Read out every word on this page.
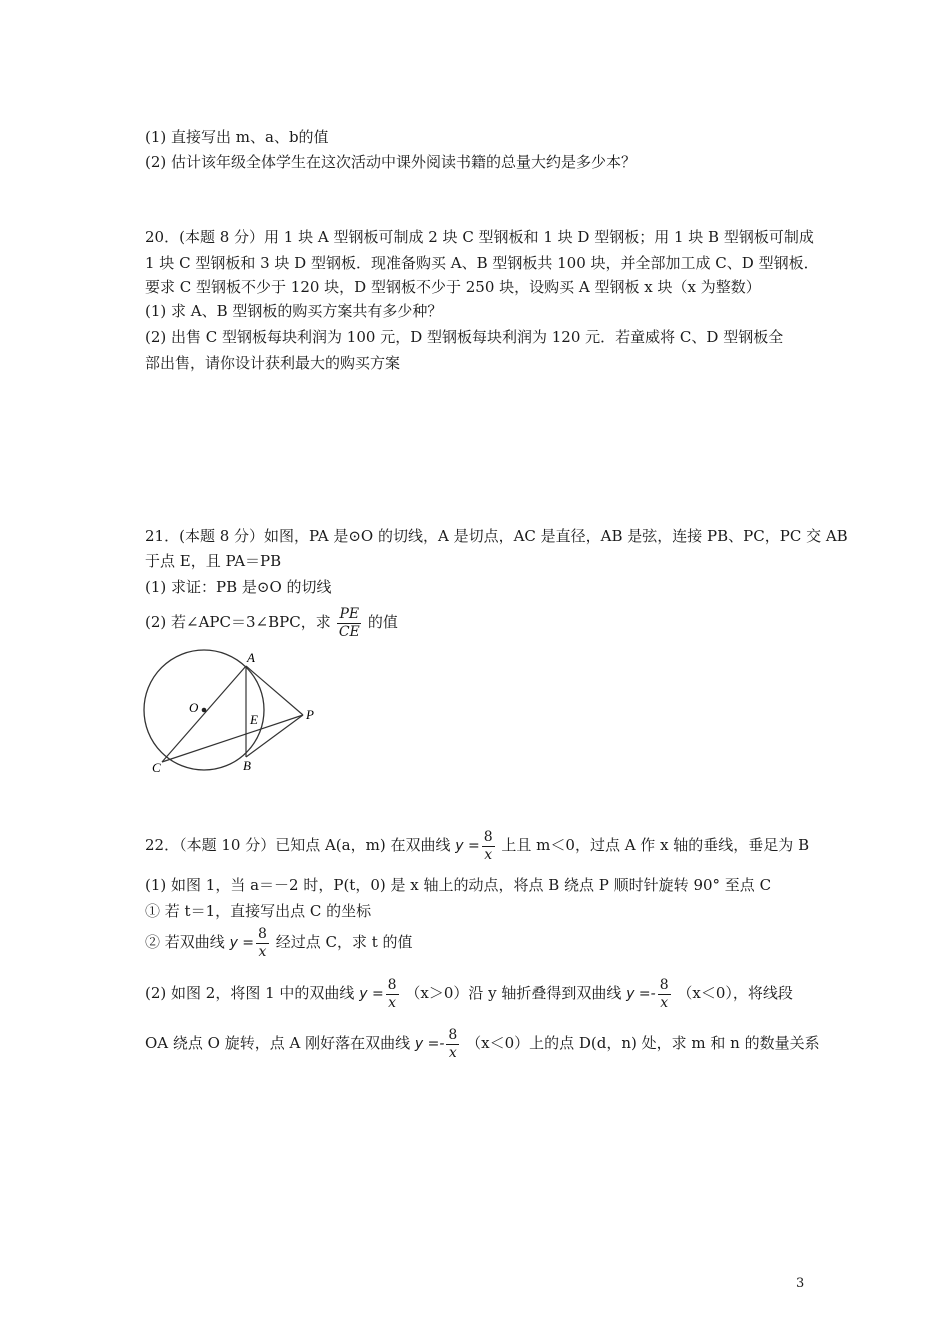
(1) 直接写出 m、a、b的值
(2) 估计该年级全体学生在这次活动中课外阅读书籍的总量大约是多少本？
20．(本题 8 分）用 1 块 A 型钢板可制成 2 块 C 型钢板和 1 块 D 型钢板；用 1 块 B 型钢板可制成
1 块 C 型钢板和 3 块 D 型钢板．现准备购买 A、B 型钢板共 100 块，并全部加工成 C、D 型钢板．
要求 C 型钢板不少于 120 块，D 型钢板不少于 250 块，设购买 A 型钢板 x 块（x 为整数）
(1) 求 A、B 型钢板的购买方案共有多少种？
(2) 出售 C 型钢板每块利润为 100 元，D 型钢板每块利润为 120 元．若童威将 C、D 型钢板全
部出售，请你设计获利最大的购买方案
21．(本题 8 分）如图，PA 是⊙O 的切线，A 是切点，AC 是直径，AB 是弦，连接 PB、PC，PC 交 AB
于点 E，且 PA＝PB
(1) 求证：PB 是⊙O 的切线
(2) 若∠APC＝3∠BPC，求 $\frac{PE}{CE}$ 的值
A
O
E	P
C	B
22．（本题 10 分）已知点 A(a，m) 在双曲线 $y = \frac{8}{x}$ 上且 m＜0，过点 A 作 x 轴的垂线，垂足为 B
(1) 如图 1，当 a＝－2 时，P(t，0) 是 x 轴上的动点，将点 B 绕点 P 顺时针旋转 90° 至点 C
① 若 t＝1，直接写出点 C 的坐标
② 若双曲线 $y = \frac{8}{x}$ 经过点 C，求 t 的值
(2) 如图 2，将图 1 中的双曲线 $y = \frac{8}{x} (x>0)$沿 y 轴折叠得到双曲线 $y =- \frac{8}{x} (x<0)$，将线段
OA 绕点 O 旋转，点 A 刚好落在双曲线 $y =- \frac{8}{x} (x<0)$上的点 D(d，n) 处，求 m 和 n 的数量关系
3
